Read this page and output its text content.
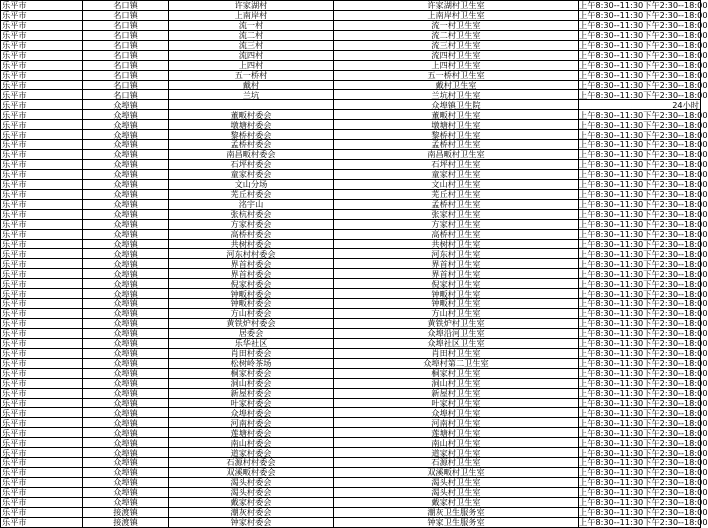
乐平市	名口镇	许家湖村	许家湖村卫生室	上午8:30--11:30下午2:30--18:00
乐平市	名口镇	上南岸村	上南岸村卫生室	上午8:30--11:30下午2:30--18:00
乐平市	名口镇	流一村	流一村卫生室	上午8:30--11:30下午2:30--18:00
乐平市	名口镇	流二村	流二村卫生室	上午8:30--11:30下午2:30--18:00
乐平市	名口镇	流三村	流三村卫生室	上午8:30--11:30下午2:30--18:00
乐平市	名口镇	流四村	流四村卫生室	上午8:30--11:30下午2:30--18:00
乐平市	名口镇	上四村	上四村卫生室	上午8:30--11:30下午2:30--18:00
乐平市	名口镇	五一桥村	五一桥村卫生室	上午8:30--11:30下午2:30--18:00
乐平市	名口镇	戴村	戴村卫生室	上午8:30--11:30下午2:30--18:00
乐平市	名口镇	兰坑	兰坑村卫生室	上午8:30--11:30下午2:30--18:00
乐平市	众埠镇		众埠镇卫生院	24小时
乐平市	众埠镇	董畈村委会	董畈村卫生室	上午8:30--11:30下午2:30--18:00
乐平市	众埠镇	墩塘村委会	墩塘村卫生室	上午8:30--11:30下午2:30--18:00
乐平市	众埠镇	黎桥村委会	黎桥村卫生室	上午8:30--11:30下午2:30--18:00
乐平市	众埠镇	孟桥村委会	孟桥村卫生室	上午8:30--11:30下午2:30--18:00
乐平市	众埠镇	南昌畈村委会	南昌畈村卫生室	上午8:30--11:30下午2:30--18:00
乐平市	众埠镇	石坪村委会	石坪村卫生室	上午8:30--11:30下午2:30--18:00
乐平市	众埠镇	童家村委会	童家村卫生室	上午8:30--11:30下午2:30--18:00
乐平市	众埠镇	文山分场	文山村卫生室	上午8:30--11:30下午2:30--18:00
乐平市	众埠镇	芜丘村委会	芜丘村卫生室	上午8:30--11:30下午2:30--18:00
乐平市	众埠镇	洺宇山	孟桥村卫生室	上午8:30--11:30下午2:30--18:00
乐平市	众埠镇	张杭村委会	张家村卫生室	上午8:30--11:30下午2:30--18:00
乐平市	众埠镇	方家村委会	方家村卫生室	上午8:30--11:30下午2:30--18:00
乐平市	众埠镇	高桥村委会	高桥村卫生室	上午8:30--11:30下午2:30--18:00
乐平市	众埠镇	共树村委会	共树村卫生室	上午8:30--11:30下午2:30--18:00
乐平市	众埠镇	河东村村委会	河东村卫生室	上午8:30--11:30下午2:30--18:00
乐平市	众埠镇	界首村委会	界首村卫生室	上午8:30--11:30下午2:30--18:00
乐平市	众埠镇	界首村委会	界首村卫生室	上午8:30--11:30下午2:30--18:00
乐平市	众埠镇	倪家村委会	倪家村卫生室	上午8:30--11:30下午2:30--18:00
乐平市	众埠镇	钟畈村委会	钟畈村卫生室	上午8:30--11:30下午2:30--18:00
乐平市	众埠镇	钟畈村委会	钟畈村卫生室	上午8:30--11:30下午2:30--18:00
乐平市	众埠镇	方山村委会	方山村卫生室	上午8:30--11:30下午2:30--18:00
乐平市	众埠镇	黄铁炉村委会	黄铁炉村卫生室	上午8:30--11:30下午2:30--18:00
乐平市	众埠镇	居委会	众埠沿河卫生室	上午8:30--11:30下午2:30--18:00
乐平市	众埠镇	乐华社区	众埠社区卫生室	上午8:30--11:30下午2:30--18:00
乐平市	众埠镇	肖田村委会	肖田村卫生室	上午8:30--11:30下午2:30--18:00
乐平市	众埠镇	松树岭茶场	众埠村第二卫生室	上午8:30--11:30下午2:30--18:00
乐平市	众埠镇	桐家村委会	桐家村卫生室	上午8:30--11:30下午2:30--18:00
乐平市	众埠镇	洞山村委会	洞山村卫生室	上午8:30--11:30下午2:30--18:00
乐平市	众埠镇	新屋村委会	新屋村卫生室	上午8:30--11:30下午2:30--18:00
乐平市	众埠镇	叶家村委会	叶家村卫生室	上午8:30--11:30下午2:30--18:00
乐平市	众埠镇	众埠村委会	众埠村卫生室	上午8:30--11:30下午2:30--18:00
乐平市	众埠镇	河南村委会	河南村卫生室	上午8:30--11:30下午2:30--18:00
乐平市	众埠镇	莲塘村委会	莲塘村卫生室	上午8:30--11:30下午2:30--18:00
乐平市	众埠镇	南山村委会	南山村卫生室	上午8:30--11:30下午2:30--18:00
乐平市	众埠镇	道家村委会	道家村卫生室	上午8:30--11:30下午2:30--18:00
乐平市	众埠镇	石源村村委会	石源村卫生室	上午8:30--11:30下午2:30--18:00
乐平市	众埠镇	双溪畈村委会	双溪畈村卫生室	上午8:30--11:30下午2:30--18:00
乐平市	众埠镇	渴头村委会	渴头村卫生室	上午8:30--11:30下午2:30--18:00
乐平市	众埠镇	渴头村委会	渴头村卫生室	上午8:30--11:30下午2:30--18:00
乐平市	众埠镇	戴家村委会	戴家村卫生室	上午8:30--11:30下午2:30--18:00
乐平市	接渡镇	潮灰村委会	潮灰卫生服务室	上午8:30--11:30下午2:30--18:00
乐平市	接渡镇	钟家村委会	钟家卫生服务室	上午8:30--11:30下午2:30--18:00
